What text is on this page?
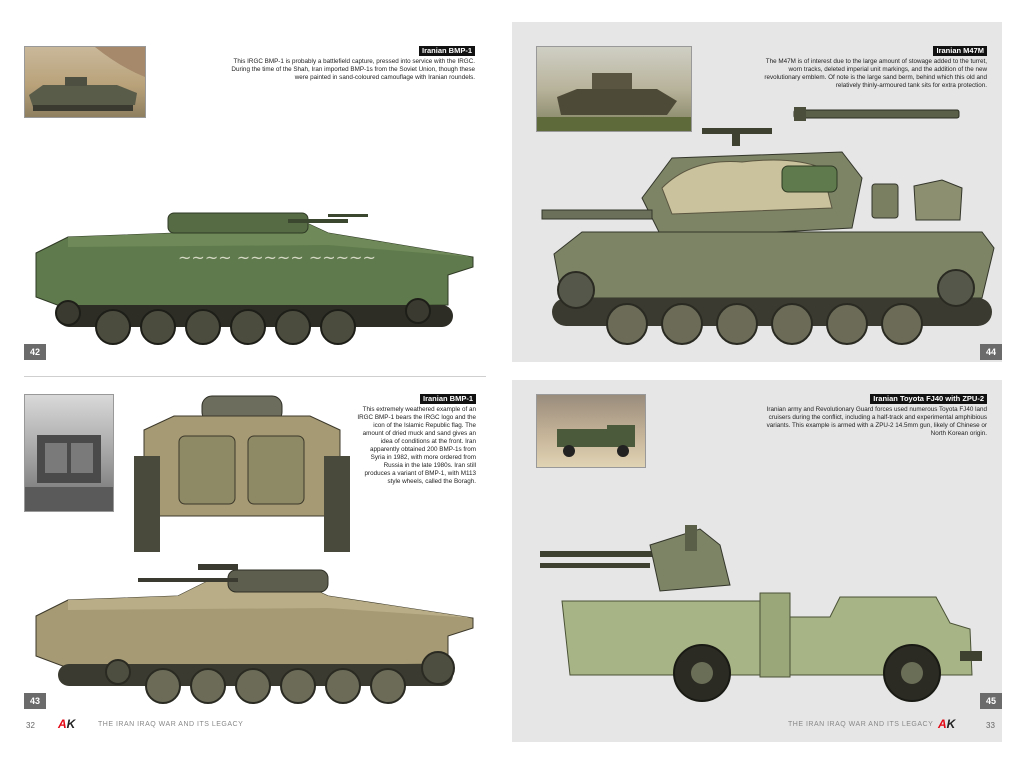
Iranian BMP-1
This IRGC BMP-1 is probably a battlefield capture, pressed into service with the IRGC. During the time of the Shah, Iran imported BMP-1s from the Soviet Union, though these were painted in sand-coloured camouflage with Iranian roundels.
~~~~ ~~~~~ ~~~~~
42
Iranian BMP-1
This extremely weathered example of an IRGC BMP-1 bears the IRGC logo and the icon of the Islamic Republic flag. The amount of dried muck and sand gives an idea of conditions at the front. Iran apparently obtained 200 BMP-1s from Syria in 1982, with more ordered from Russia in the late 1980s. Iran still produces a variant of BMP-1, with M113 style wheels, called the Boragh.
43
32 AK	THE IRAN IRAQ WAR AND ITS LEGACY
Iranian M47M
The M47M is of interest due to the large amount of stowage added to the turret, worn tracks, deleted imperial unit markings, and the addition of the new revolutionary emblem. Of note is the large sand berm, behind which this old and relatively thinly-armoured tank sits for extra protection.
44
Iranian Toyota FJ40 with ZPU-2
Iranian army and Revolutionary Guard forces used numerous Toyota FJ40 land cruisers during the conflict, including a half-track and experimental amphibious variants. This example is armed with a ZPU-2 14.5mm gun, likely of Chinese or North Korean origin.
45
THE IRAN IRAQ WAR AND ITS LEGACY AK	33
